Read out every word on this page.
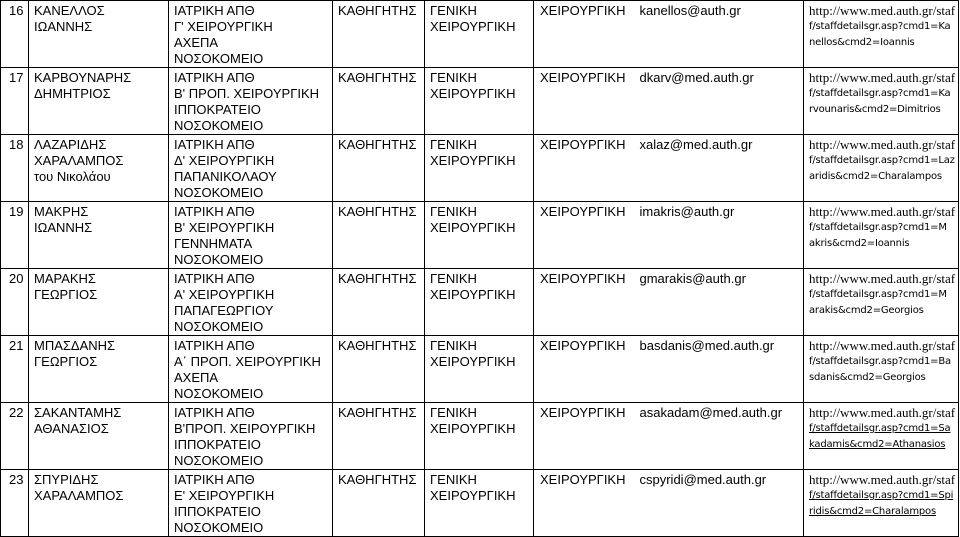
16	ΚΑΝΕΛΛΟΣ
ΙΩΑΝΝΗΣ	ΙΑΤΡΙΚΗ ΑΠΘ
Γ' ΧΕΙΡΟΥΡΓΙΚΗ
ΑΧΕΠΑ
ΝΟΣΟΚΟΜΕΙΟ	ΚΑΘΗΓΗΤΗΣ	ΓΕΝΙΚΗ
ΧΕΙΡΟΥΡΓΙΚΗ	ΧΕΙΡΟΥΡΓΙΚΗ kanellos@auth.gr	http://www.med.auth.gr/staf
f/staffdetailsgr.asp?cmd1=Ka
nellos&cmd2=Ioannis

17	ΚΑΡΒΟΥΝΑΡΗΣ
ΔΗΜΗΤΡΙΟΣ	ΙΑΤΡΙΚΗ ΑΠΘ
Β' ΠΡΟΠ. ΧΕΙΡΟΥΡΓΙΚΗ
ΙΠΠΟΚΡΑΤΕΙΟ
ΝΟΣΟΚΟΜΕΙΟ	ΚΑΘΗΓΗΤΗΣ	ΓΕΝΙΚΗ
ΧΕΙΡΟΥΡΓΙΚΗ	ΧΕΙΡΟΥΡΓΙΚΗ dkarv@med.auth.gr	http://www.med.auth.gr/staf
f/staffdetailsgr.asp?cmd1=Ka
rvounaris&cmd2=Dimitrios

18	ΛΑΖΑΡΙΔΗΣ
ΧΑΡΑΛΑΜΠΟΣ
του Νικολάου	ΙΑΤΡΙΚΗ ΑΠΘ
Δ' ΧΕΙΡΟΥΡΓΙΚΗ
ΠΑΠΑΝΙΚΟΛΑΟΥ
ΝΟΣΟΚΟΜΕΙΟ	ΚΑΘΗΓΗΤΗΣ	ΓΕΝΙΚΗ
ΧΕΙΡΟΥΡΓΙΚΗ	ΧΕΙΡΟΥΡΓΙΚΗ xalaz@med.auth.gr	http://www.med.auth.gr/staf
f/staffdetailsgr.asp?cmd1=Laz
aridis&cmd2=Charalampos

19	ΜΑΚΡΗΣ
ΙΩΑΝΝΗΣ	ΙΑΤΡΙΚΗ ΑΠΘ
Β' ΧΕΙΡΟΥΡΓΙΚΗ
ΓΕΝΝΗΜΑΤΑ
ΝΟΣΟΚΟΜΕΙΟ	ΚΑΘΗΓΗΤΗΣ	ΓΕΝΙΚΗ
ΧΕΙΡΟΥΡΓΙΚΗ	ΧΕΙΡΟΥΡΓΙΚΗ imakris@auth.gr	http://www.med.auth.gr/staf
f/staffdetailsgr.asp?cmd1=M
akris&cmd2=Ioannis

20	ΜΑΡΑΚΗΣ
ΓΕΩΡΓΙΟΣ	ΙΑΤΡΙΚΗ ΑΠΘ
Α' ΧΕΙΡΟΥΡΓΙΚΗ
ΠΑΠΑΓΕΩΡΓΙΟΥ
ΝΟΣΟΚΟΜΕΙΟ	ΚΑΘΗΓΗΤΗΣ	ΓΕΝΙΚΗ
ΧΕΙΡΟΥΡΓΙΚΗ	ΧΕΙΡΟΥΡΓΙΚΗ gmarakis@auth.gr	http://www.med.auth.gr/staf
f/staffdetailsgr.asp?cmd1=M
arakis&cmd2=Georgios

21	ΜΠΑΣΔΑΝΗΣ
ΓΕΩΡΓΙΟΣ	ΙΑΤΡΙΚΗ ΑΠΘ
Α΄ ΠΡΟΠ. ΧΕΙΡΟΥΡΓΙΚΗ
ΑΧΕΠΑ
ΝΟΣΟΚΟΜΕΙΟ	ΚΑΘΗΓΗΤΗΣ	ΓΕΝΙΚΗ
ΧΕΙΡΟΥΡΓΙΚΗ	ΧΕΙΡΟΥΡΓΙΚΗ basdanis@med.auth.gr	http://www.med.auth.gr/staf
f/staffdetailsgr.asp?cmd1=Ba
sdanis&cmd2=Georgios

22	ΣΑΚΑΝΤΑΜΗΣ
ΑΘΑΝΑΣΙΟΣ	ΙΑΤΡΙΚΗ ΑΠΘ
Β'ΠΡΟΠ. ΧΕΙΡΟΥΡΓΙΚΗ
ΙΠΠΟΚΡΑΤΕΙΟ
ΝΟΣΟΚΟΜΕΙΟ	ΚΑΘΗΓΗΤΗΣ	ΓΕΝΙΚΗ
ΧΕΙΡΟΥΡΓΙΚΗ	ΧΕΙΡΟΥΡΓΙΚΗ asakadam@med.auth.gr	http://www.med.auth.gr/staf
f/staffdetailsgr.asp?cmd1=Sa
kadamis&cmd2=Athanasios

23	ΣΠΥΡΙΔΗΣ
ΧΑΡΑΛΑΜΠΟΣ	ΙΑΤΡΙΚΗ ΑΠΘ
Ε' ΧΕΙΡΟΥΡΓΙΚΗ
ΙΠΠΟΚΡΑΤΕΙΟ
ΝΟΣΟΚΟΜΕΙΟ	ΚΑΘΗΓΗΤΗΣ	ΓΕΝΙΚΗ
ΧΕΙΡΟΥΡΓΙΚΗ	ΧΕΙΡΟΥΡΓΙΚΗ cspyridi@med.auth.gr	http://www.med.auth.gr/staf
f/staffdetailsgr.asp?cmd1=Spi
ridis&cmd2=Charalampos
